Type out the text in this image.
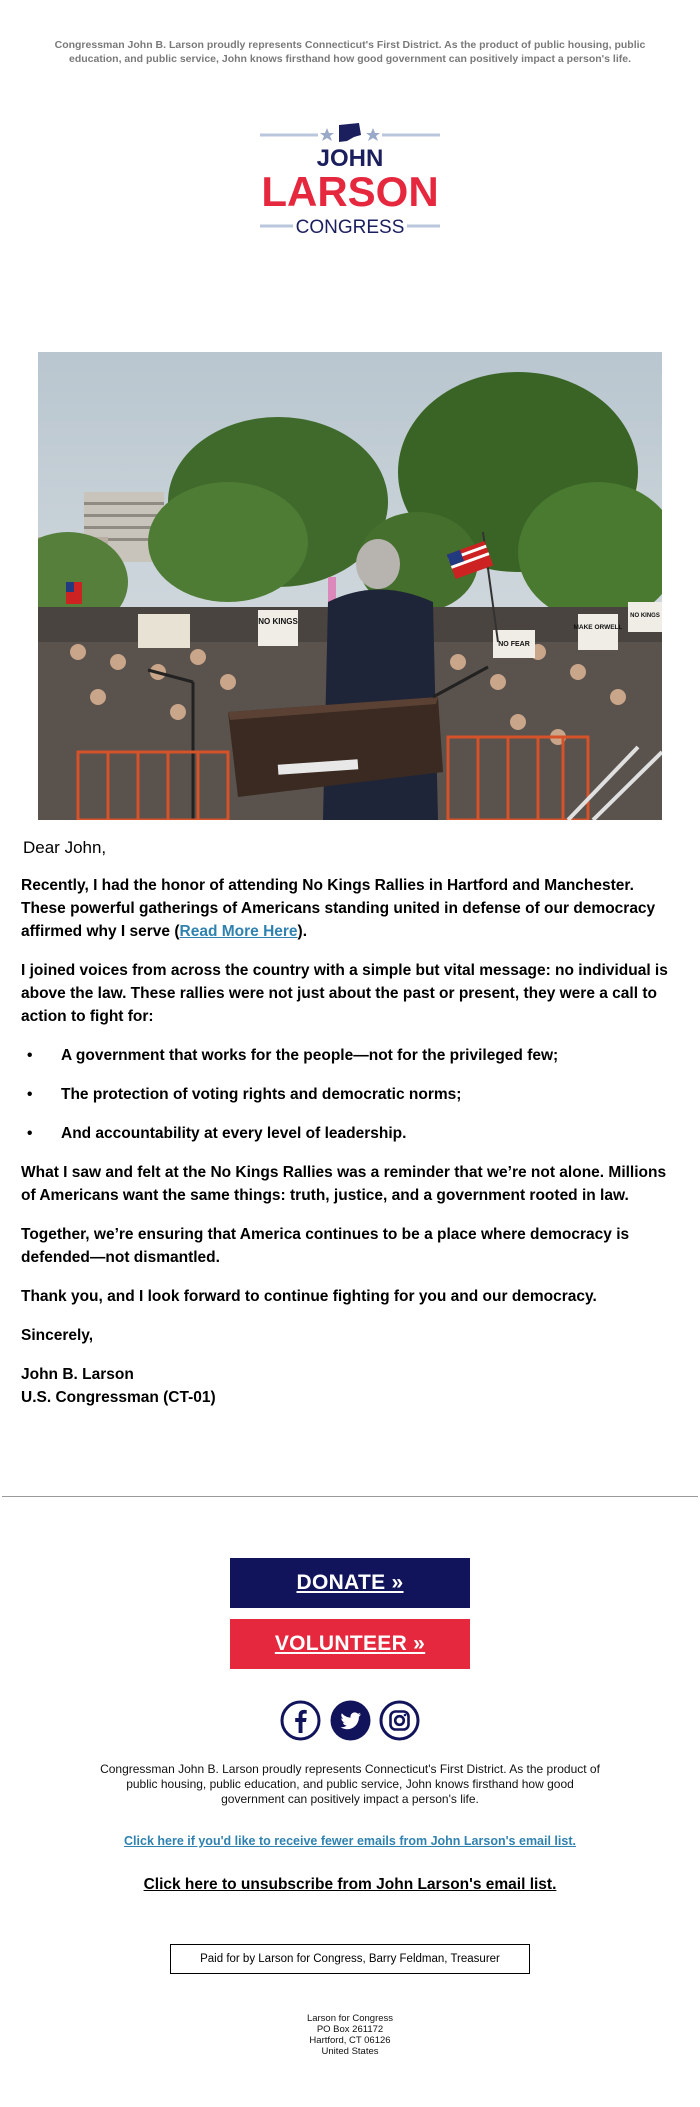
Congressman John B. Larson proudly represents Connecticut's First District. As the product of public housing, public education, and public service, John knows firsthand how good government can positively impact a person's life.
JOHN
LARSON
CONGRESS
NO KINGS
MAKE ORWELL
NO KINGS
NO FEAR
Dear John,

Recently, I had the honor of attending No Kings Rallies in Hartford and Manchester. These powerful gatherings of Americans standing united in defense of our democracy affirmed why I serve (Read More Here).

I joined voices from across the country with a simple but vital message: no individual is above the law. These rallies were not just about the past or present, they were a call to action to fight for:

• A government that works for the people—not for the privileged few;
• The protection of voting rights and democratic norms;
• And accountability at every level of leadership.

What I saw and felt at the No Kings Rallies was a reminder that we’re not alone. Millions of Americans want the same things: truth, justice, and a government rooted in law.

Together, we’re ensuring that America continues to be a place where democracy is defended—not dismantled.

Thank you, and I look forward to continue fighting for you and our democracy.

Sincerely,

John B. Larson
U.S. Congressman (CT-01)

DONATE »
VOLUNTEER »
Congressman John B. Larson proudly represents Connecticut's First District. As the product of public housing, public education, and public service, John knows firsthand how good government can positively impact a person's life.
Click here if you'd like to receive fewer emails from John Larson's email list.
Click here to unsubscribe from John Larson's email list.
Paid for by Larson for Congress, Barry Feldman, Treasurer
Larson for Congress
PO Box 261172
Hartford, CT 06126
United States
